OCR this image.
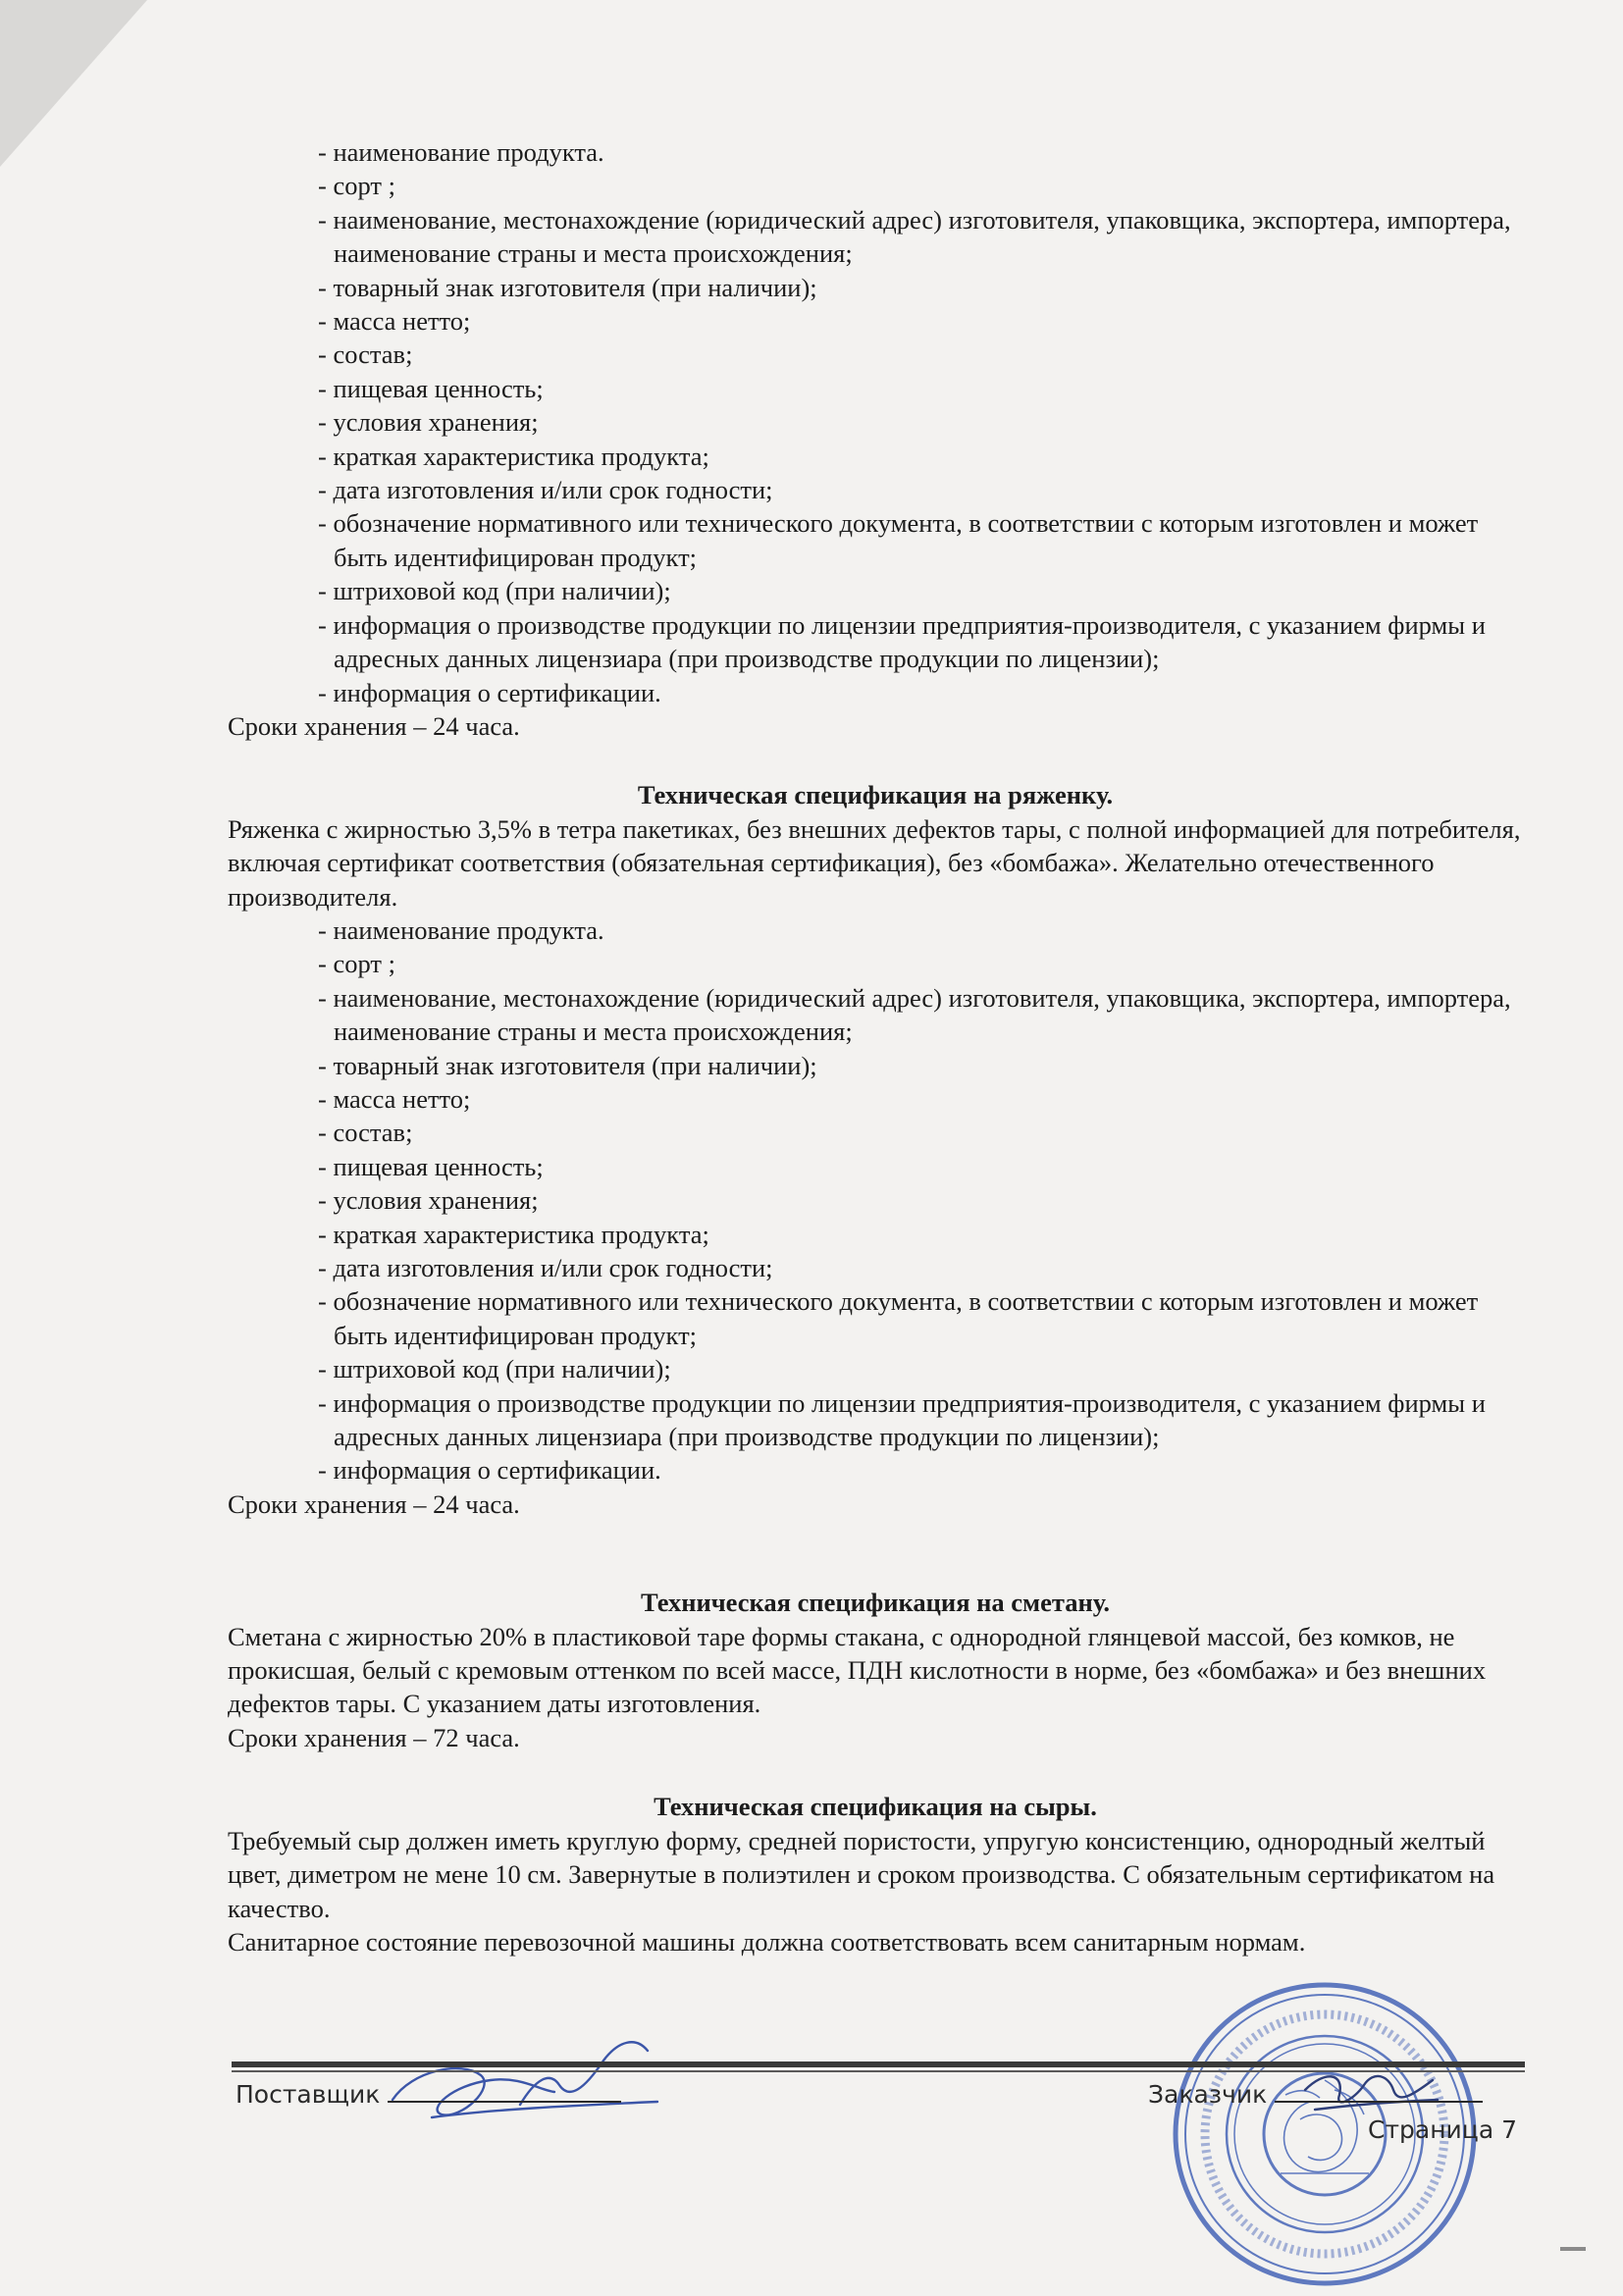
- наименование продукта.
- сорт ;
- наименование, местонахождение (юридический адрес) изготовителя, упаковщика, экспортера, импортера, наименование страны и места происхождения;
- товарный знак изготовителя (при наличии);
- масса нетто;
- состав;
- пищевая ценность;
- условия хранения;
- краткая характеристика продукта;
- дата изготовления и/или срок годности;
- обозначение нормативного или технического документа, в соответствии с которым изготовлен и может быть идентифицирован продукт;
- штриховой код (при наличии);
- информация о производстве продукции по лицензии предприятия-производителя, с указанием фирмы и адресных данных лицензиара (при производстве продукции по лицензии);
- информация о сертификации.

Сроки хранения – 24 часа.

Техническая спецификация на ряженку.

Ряженка с жирностью 3,5% в тетра пакетиках, без внешних дефектов тары, с полной информацией для потребителя, включая сертификат соответствия (обязательная сертификация), без «бомбажа». Желательно отечественного производителя.

- наименование продукта.
- сорт ;
- наименование, местонахождение (юридический адрес) изготовителя, упаковщика, экспортера, импортера, наименование страны и места происхождения;
- товарный знак изготовителя (при наличии);
- масса нетто;
- состав;
- пищевая ценность;
- условия хранения;
- краткая характеристика продукта;
- дата изготовления и/или срок годности;
- обозначение нормативного или технического документа, в соответствии с которым изготовлен и может быть идентифицирован продукт;
- штриховой код (при наличии);
- информация о производстве продукции по лицензии предприятия-производителя, с указанием фирмы и адресных данных лицензиара (при производстве продукции по лицензии);
- информация о сертификации.

Сроки хранения – 24 часа.

Техническая спецификация на сметану.

Сметана с жирностью 20% в пластиковой таре формы стакана, с однородной глянцевой массой, без комков, не прокисшая, белый с кремовым оттенком по всей массе, ПДН кислотности в норме, без «бомбажа» и без внешних дефектов тары. С указанием даты изготовления.

Сроки хранения – 72 часа.

Техническая спецификация на сыры.

Требуемый сыр должен иметь круглую форму, средней пористости, упругую консистенцию, однородный желтый цвет, диметром не мене 10 см. Завернутые в полиэтилен и сроком производства. С обязательным сертификатом на качество.

Санитарное состояние перевозочной машины должна соответствовать всем санитарным нормам.

Поставщик	Заказчик
Страница 7
